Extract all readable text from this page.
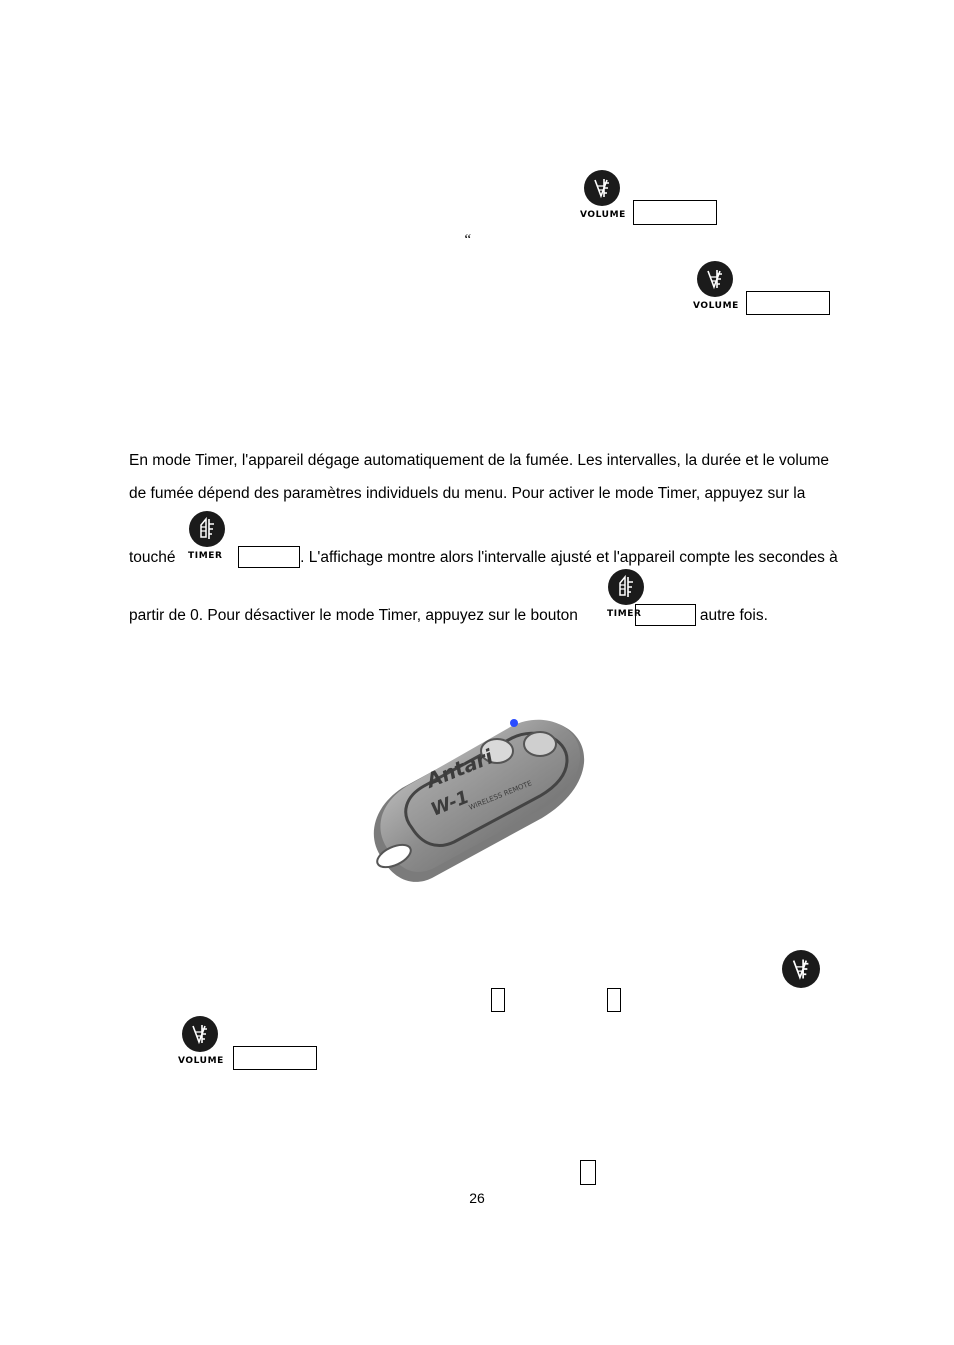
VOLUME
“
VOLUME
En mode Timer, l'appareil dégage automatiquement de la fumée. Les intervalles, la durée et le volume
de fumée dépend des paramètres individuels du menu. Pour activer le mode Timer, appuyez sur la
touché	. L'affichage montre alors l'intervalle ajusté et l'appareil compte les secondes à
TIMER
partir de 0. Pour désactiver le mode Timer, appuyez sur le bouton	autre fois.
TIMER
Antari
W-1
WIRELESS REMOTE
VOLUME
26
